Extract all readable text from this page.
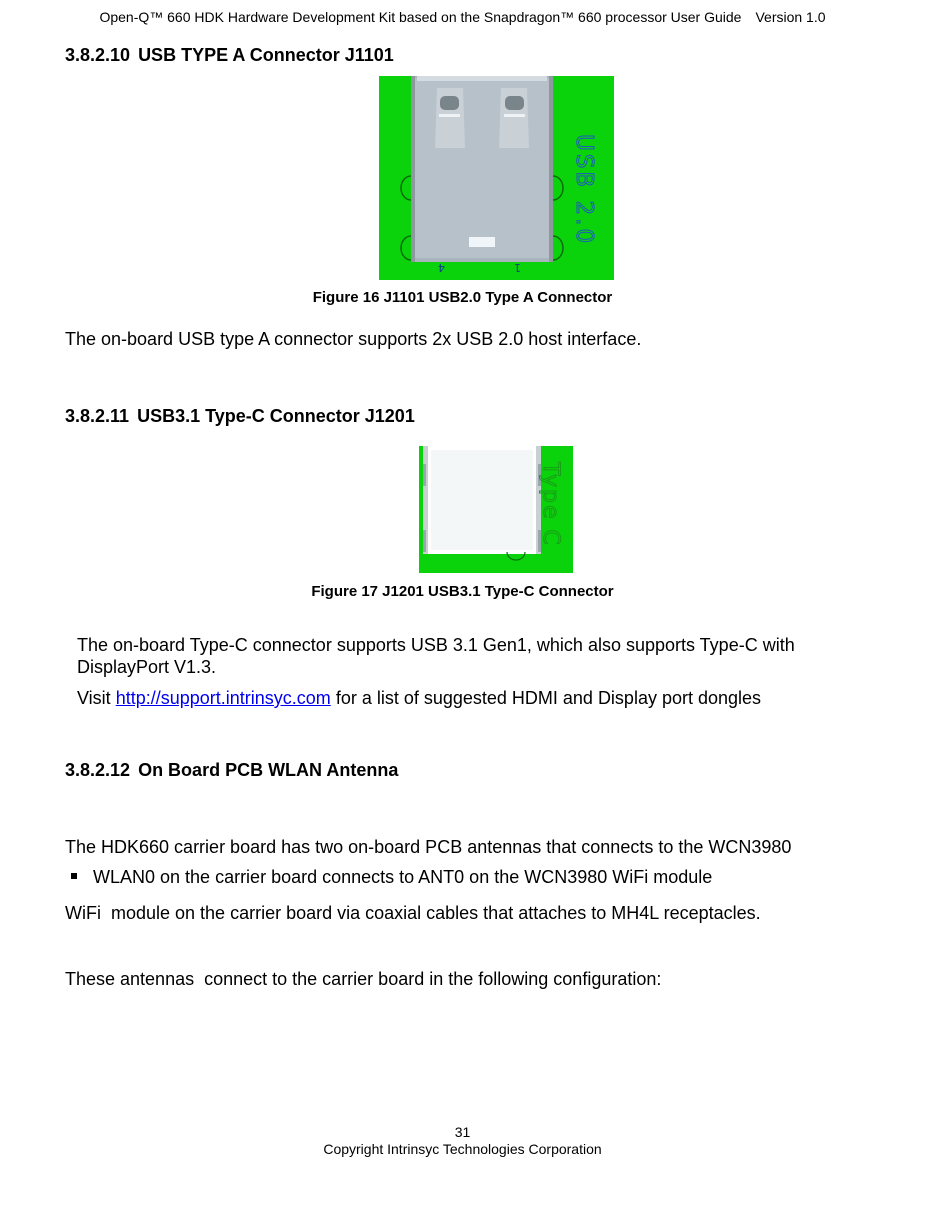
Open-Q™ 660 HDK Hardware Development Kit based on the Snapdragon™ 660 processor User Guide Version 1.0
3.8.2.10 USB TYPE A Connector J1101
4	1
USB 2.0
Figure 16 J1101 USB2.0 Type A Connector
The on-board USB type A connector supports 2x USB 2.0 host interface.
3.8.2.11 USB3.1 Type-C Connector J1201
Type C
Figure 17 J1201 USB3.1 Type-C Connector
The on-board Type-C connector supports USB 3.1 Gen1, which also supports Type-C with
DisplayPort V1.3.
Visit http://support.intrinsyc.com for a list of suggested HDMI and Display port dongles
3.8.2.12 On Board PCB WLAN Antenna

The HDK660 carrier board has two on-board PCB antennas that connects to the WCN3980

WiFi  module on the carrier board via coaxial cables that attaches to MH4L receptacles.

These antennas  connect to the carrier board in the following configuration:

WLAN0 on the carrier board connects to ANT0 on the WCN3980 WiFi module
31
Copyright Intrinsyc Technologies Corporation
